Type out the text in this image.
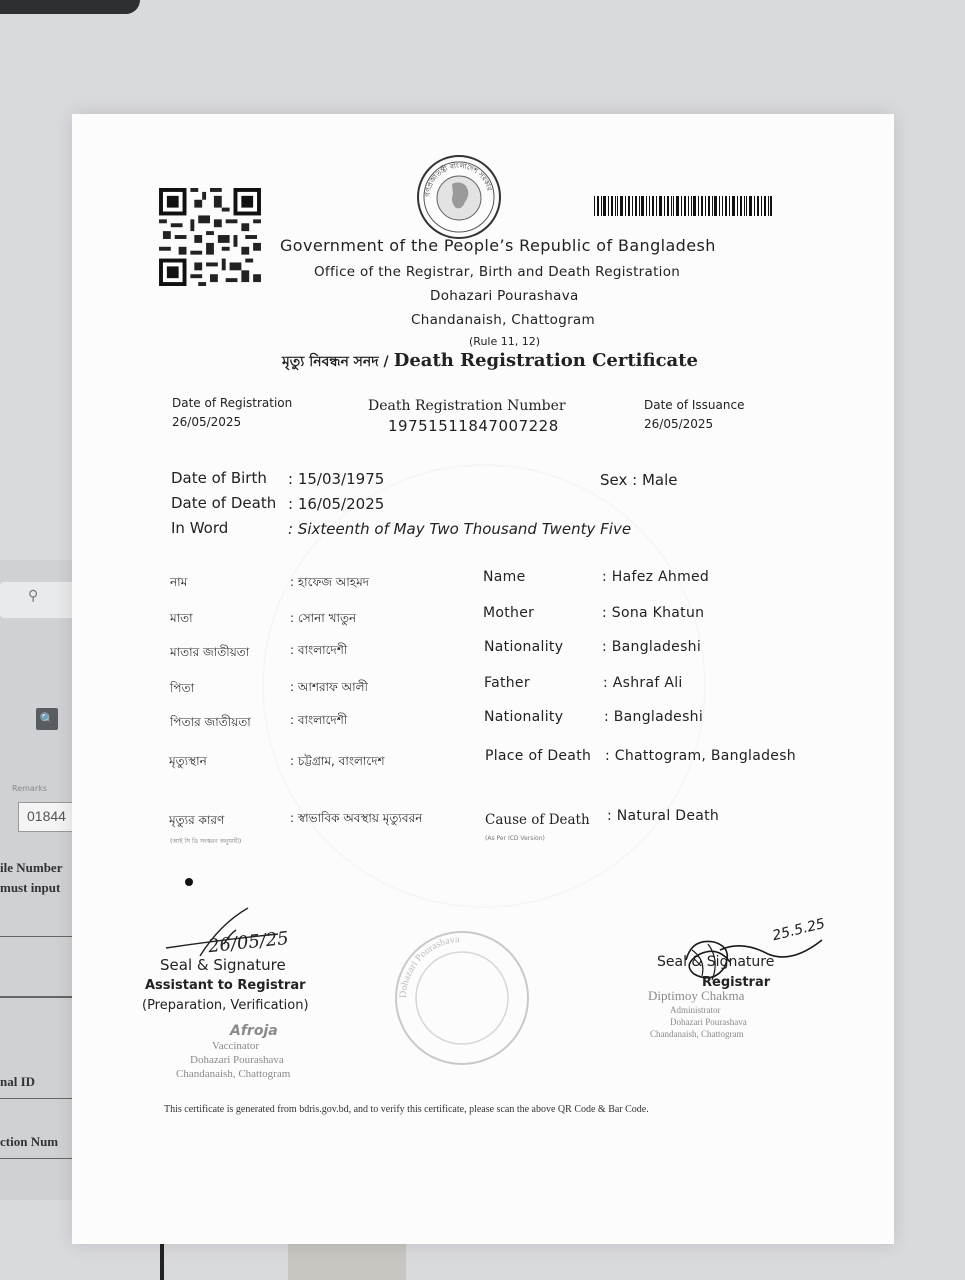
⚲
🔍
Remarks
01844
ile Number
must input
nal ID
ction Num
গণপ্রজাতন্ত্রী বাংলাদেশ সরকার
Government of the People’s Republic of Bangladesh
Office of the Registrar, Birth and Death Registration
Dohazari Pourashava
Chandanaish, Chattogram
(Rule 11, 12)
মৃত্যু নিবন্ধন সনদ / Death Registration Certificate
Date of Registration
26/05/2025
Death Registration Number
19751511847007228
Date of Issuance
26/05/2025
Date of Birth : 15/03/1975
Date of Death : 16/05/2025
In Word	: Sixteenth of May Two Thousand Twenty Five
Sex : Male
নাম	: হাফেজ আহমদ	Name	: Hafez Ahmed
মাতা	: সোনা খাতুন	Mother	: Sona Khatun
মাতার জাতীয়তা	: বাংলাদেশী	Nationality	: Bangladeshi
পিতা	: আশরাফ আলী	Father	: Ashraf Ali
পিতার জাতীয়তা	: বাংলাদেশী	Nationality	: Bangladeshi
মৃত্যুস্থান	: চট্টগ্রাম, বাংলাদেশ	Place of Death : Chattogram, Bangladesh
মৃত্যুর কারণ	: স্বাভাবিক অবস্থায় মৃত্যুবরন	Cause of Death : Natural Death
(আই সি ডি সংস্করণ অনুযায়ী)	(As Per ICD Version)
26/05/25
Seal & Signature
Assistant to Registrar
(Preparation, Verification)
Afroja
Vaccinator
Dohazari Pourashava
Chandanaish, Chattogram
Dohazari Pourashava	25.5.25
Seal & Signature
Registrar
Diptimoy Chakma
Administrator
Dohazari Pourashava
Chandanaish, Chattogram
This certificate is generated from bdris.gov.bd, and to verify this certificate, please scan the above QR Code & Bar Code.
